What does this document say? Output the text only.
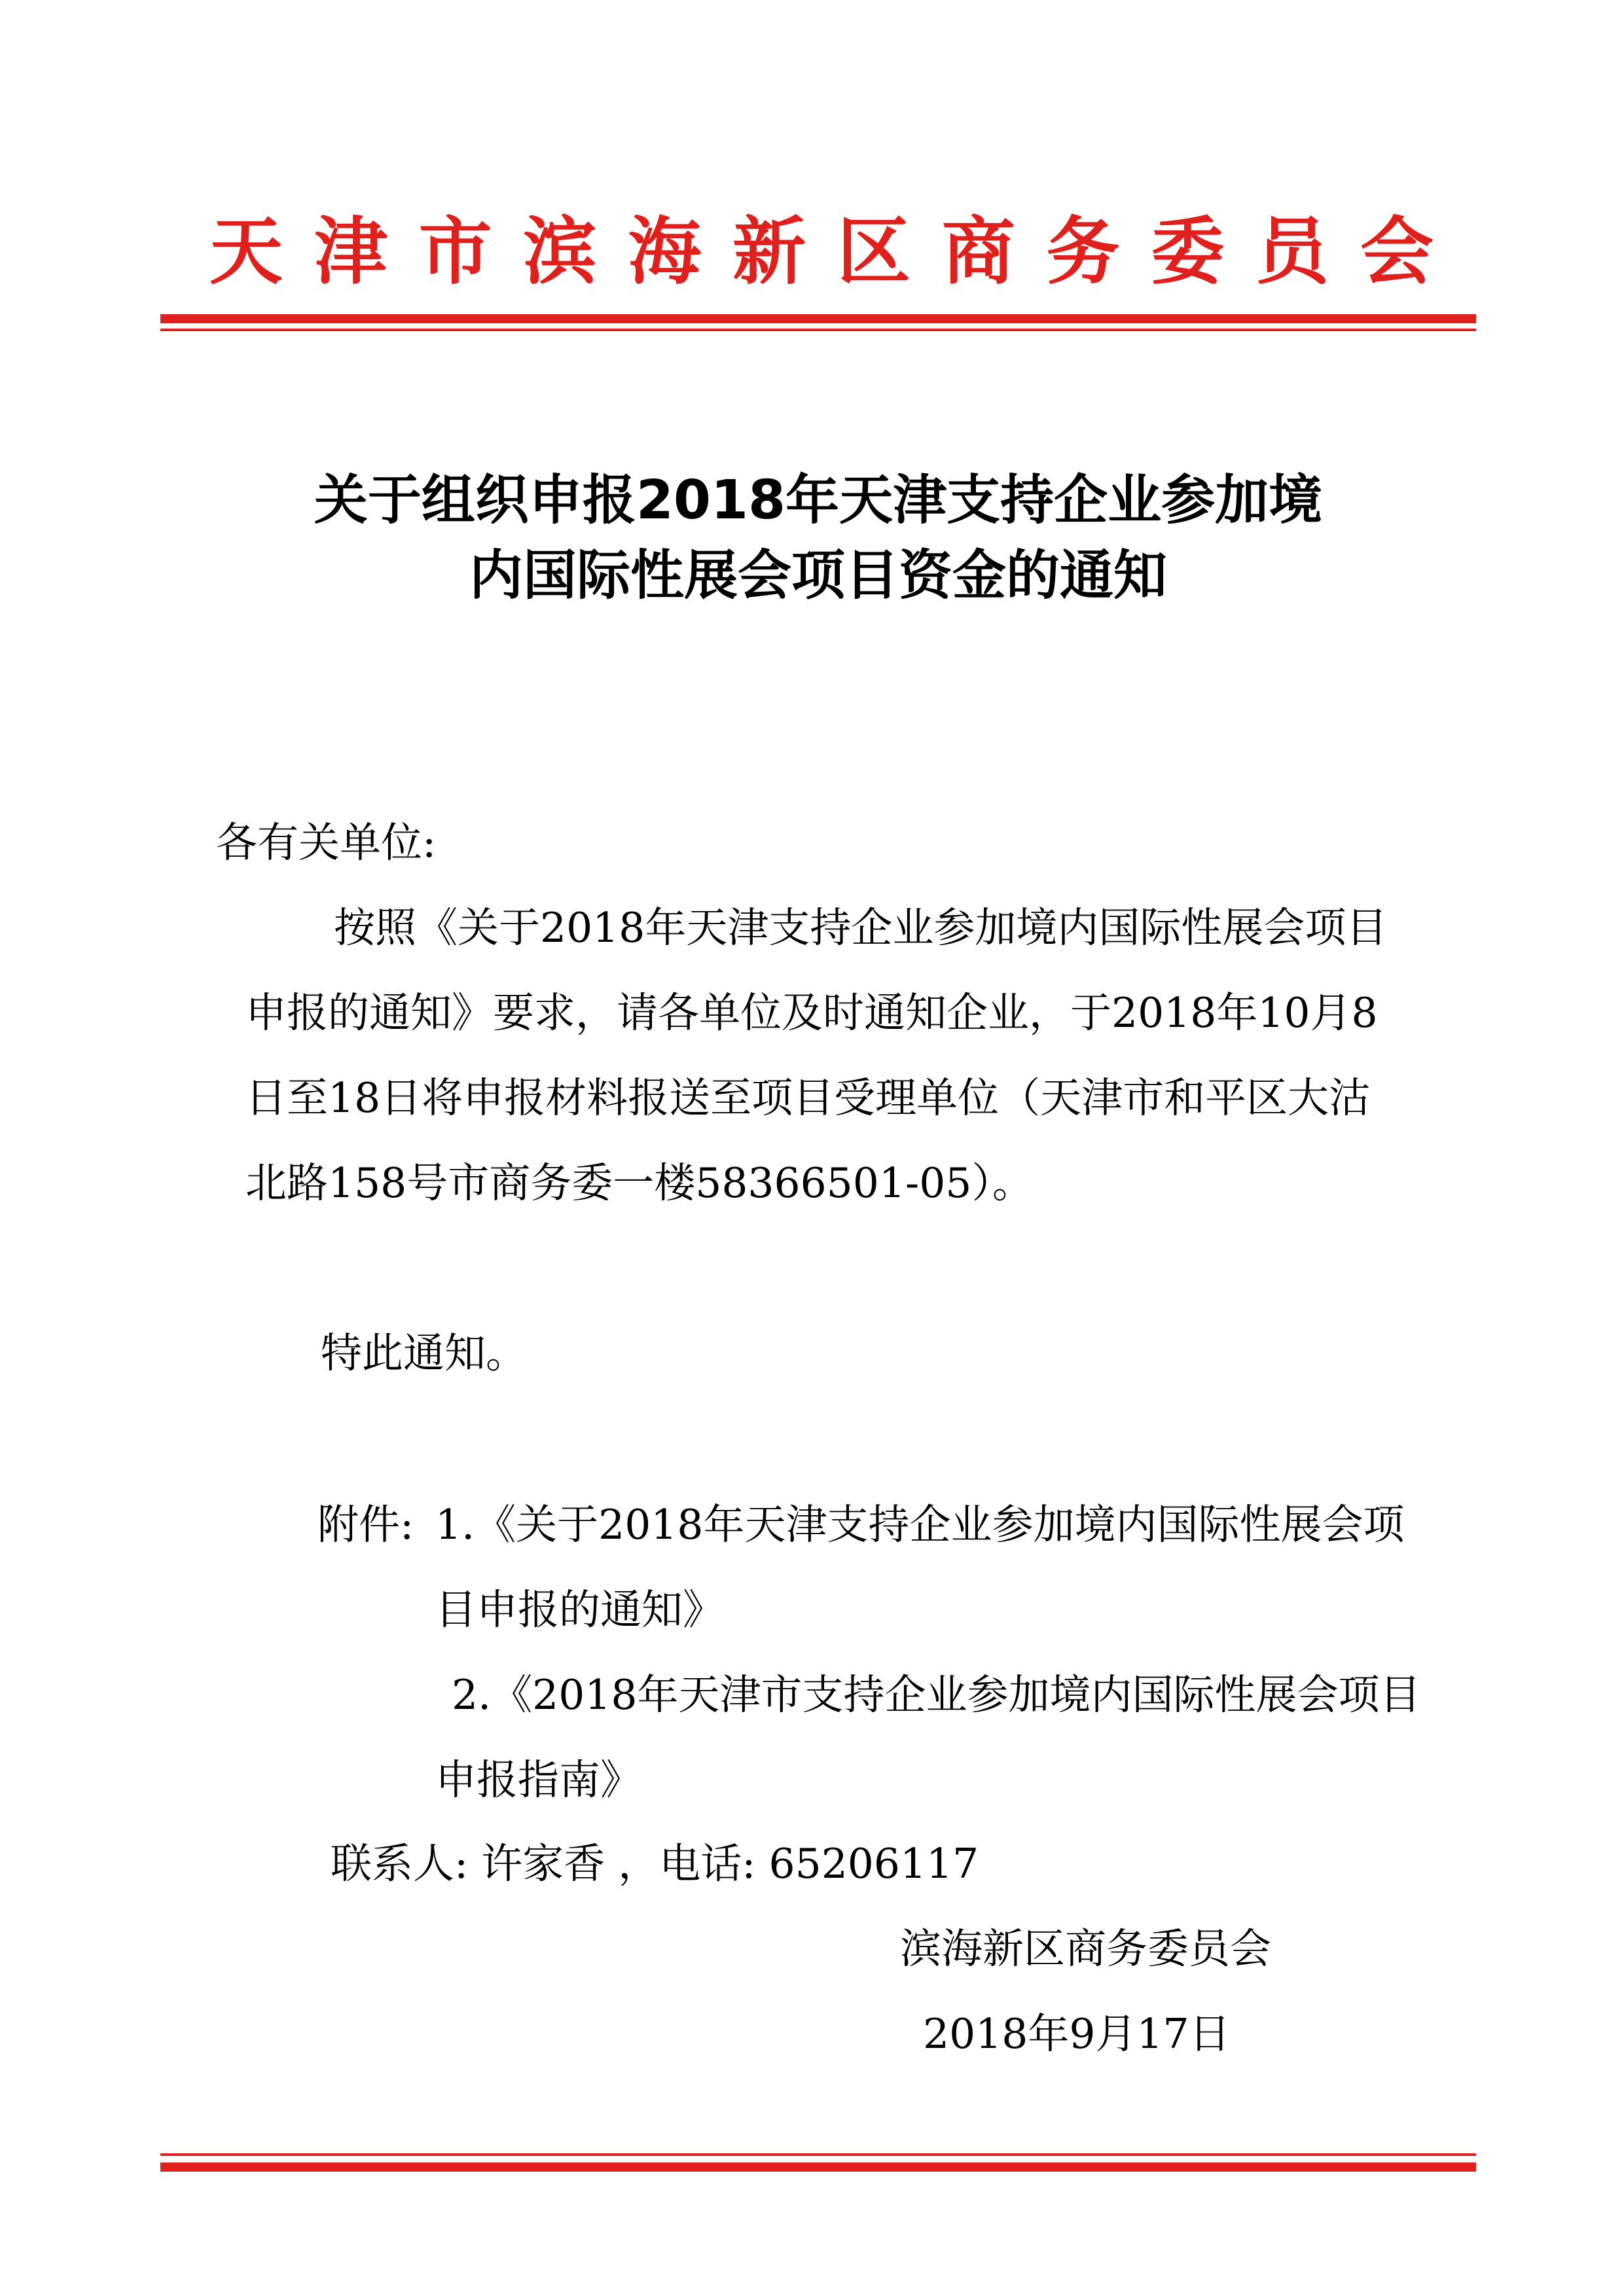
天 津 市 滨 海 新 区 商 务 委 员 会
关于组织申报2018年天津支持企业参加境
内国际性展会项目资金的通知
各有关单位:
按照《关于2018年天津支持企业参加境内国际性展会项目
申报的通知》要求，请各单位及时通知企业，于2018年10月8
日至18日将申报材料报送至项目受理单位（天津市和平区大沽
北路158号市商务委一楼58366501-05）。
特此通知。
附件: 1.《关于2018年天津支持企业参加境内国际性展会项
目申报的通知》
2.《2018年天津市支持企业参加境内国际性展会项目
申报指南》
联系人: 许家香 ，电话: 65206117
滨海新区商务委员会
2018年9月17日
